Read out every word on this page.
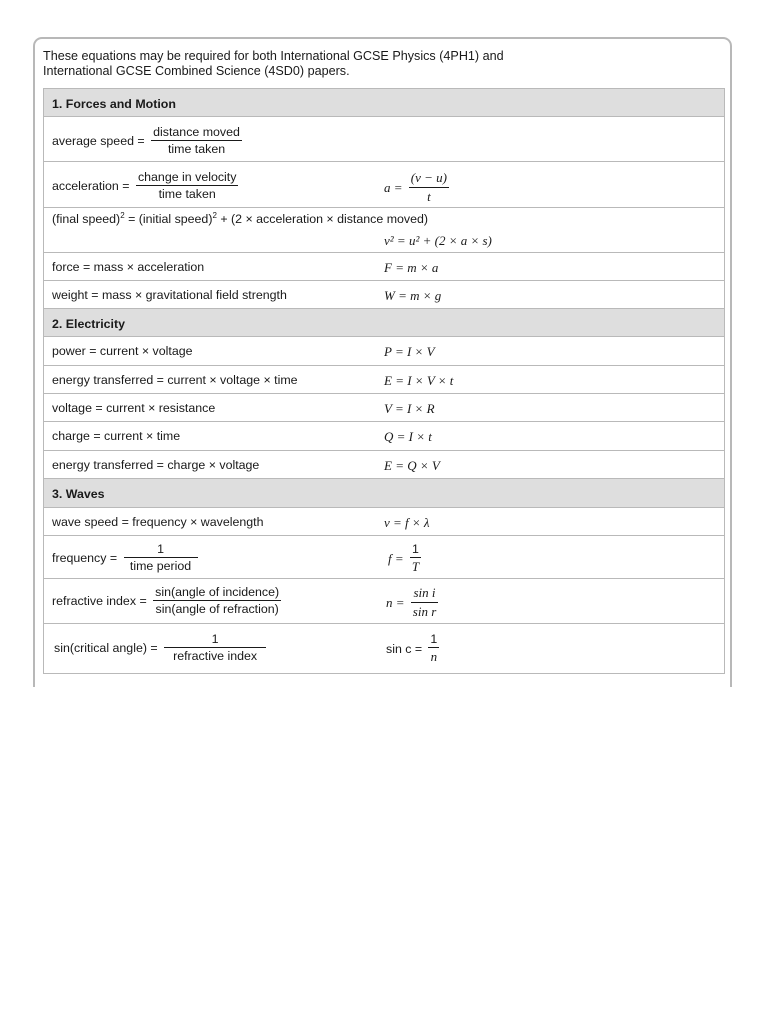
These equations may be required for both International GCSE Physics (4PH1) and
International GCSE Combined Science (4SD0) papers.
1. Forces and Motion
average speed = $\frac{\text{distance moved}}{\text{time taken}}$
acceleration = $\frac{\text{change in velocity}}{\text{time taken}}$	$a = \frac{(v - u)}{t}$
(final speed)$^2$ = (initial speed)$^2$ + (2 × acceleration × distance moved)
v² = u² + (2 × a × s)
force = mass × acceleration	F = m × a
weight = mass × gravitational field strength	W = m × g
2. Electricity
power = current × voltage	P = I × V
energy transferred = current × voltage × time	E = I × V × t
voltage = current × resistance	V = I × R
charge = current × time	Q = I × t
energy transferred = charge × voltage	E = Q × V
3. Waves
wave speed = frequency × wavelength	v = f × λ
frequency = $\frac{1}{\text{time period}}$	$f = \frac{1}{T}$
refractive index = $\frac{\text{sin(angle of incidence)}}{\text{sin(angle of refraction)}}$	$n = \frac{\text{sin i}}{\text{sin r}}$
sin(critical angle) = $\frac{1}{\text{refractive index}}$	$\sin c = \frac{1}{n}$
